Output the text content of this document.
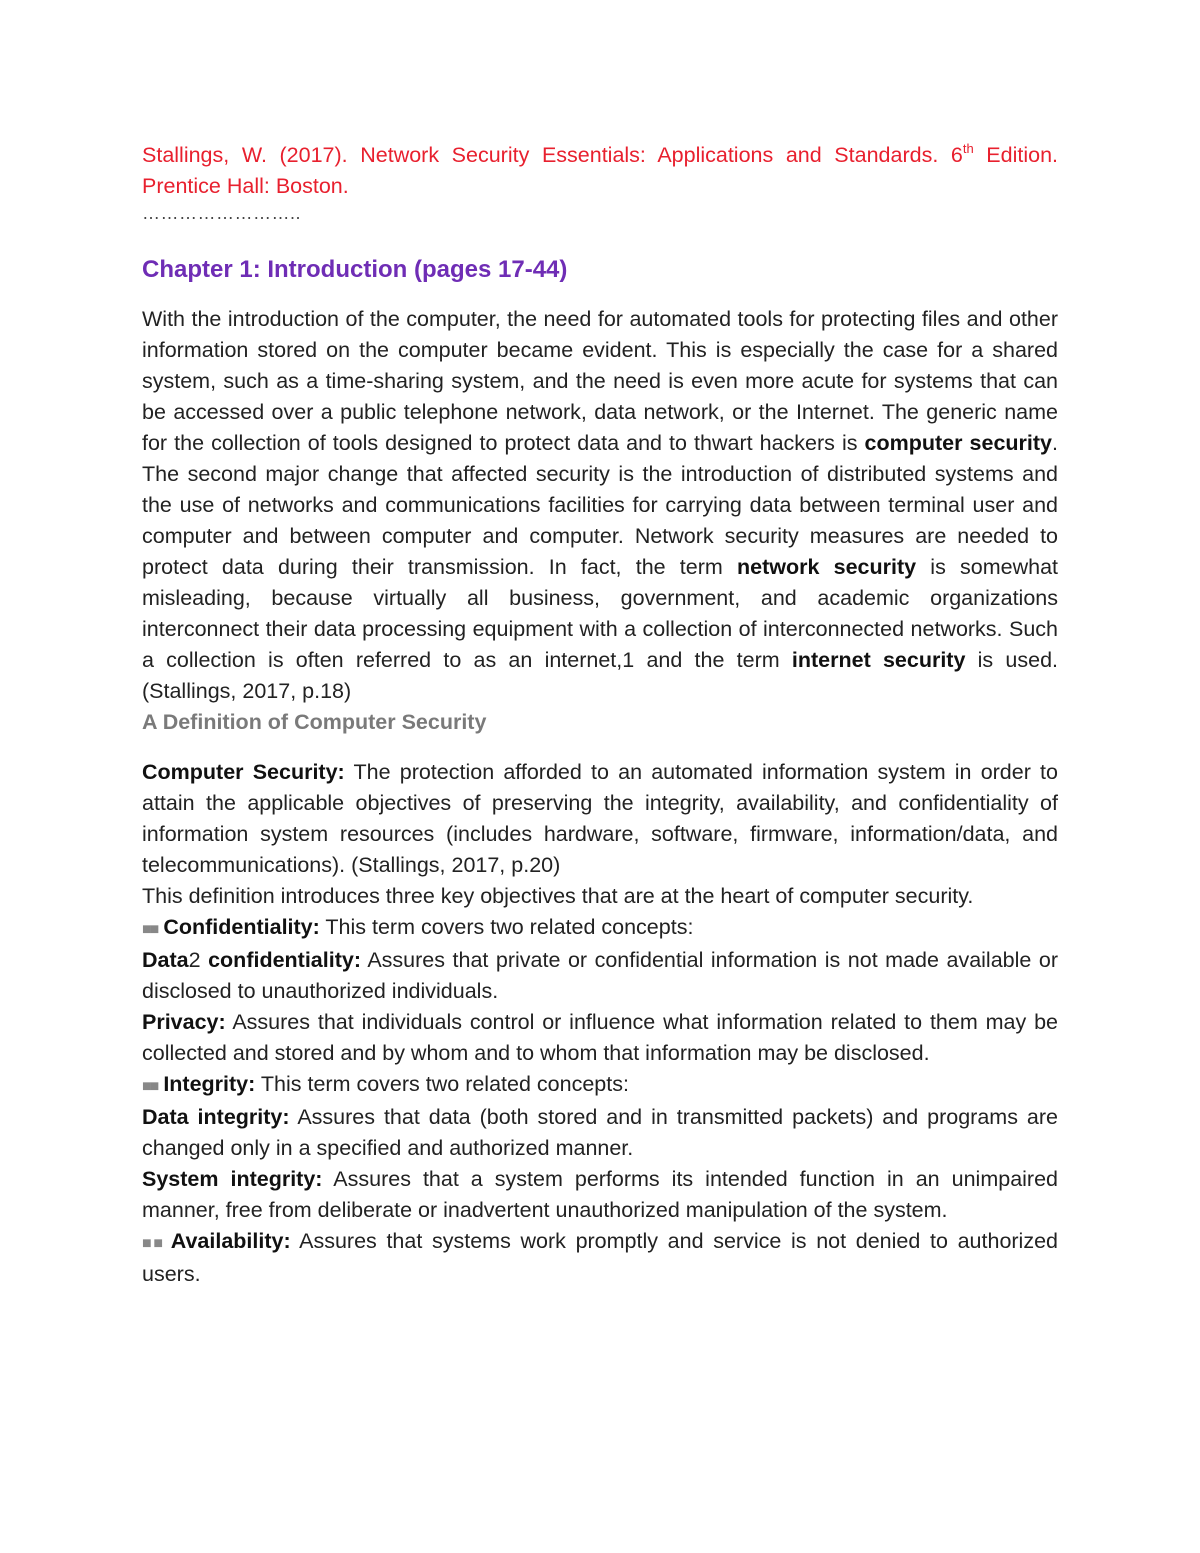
Stallings, W. (2017). Network Security Essentials: Applications and Standards. 6th Edition. Prentice Hall: Boston.

……………………..

Chapter 1: Introduction (pages 17-44)

With the introduction of the computer, the need for automated tools for protecting files and other information stored on the computer became evident. This is especially the case for a shared system, such as a time-sharing system, and the need is even more acute for systems that can be accessed over a public telephone network, data network, or the Internet. The generic name for the collection of tools designed to protect data and to thwart hackers is computer security. The second major change that affected security is the introduction of distributed systems and the use of networks and communications facilities for carrying data between terminal user and computer and between computer and computer. Network security measures are needed to protect data during their transmission. In fact, the term network security is somewhat misleading, because virtually all business, government, and academic organizations interconnect their data processing equipment with a collection of interconnected networks. Such a collection is often referred to as an internet,1 and the term internet security is used. (Stallings, 2017, p.18)

A Definition of Computer Security

Computer Security: The protection afforded to an automated information system in order to attain the applicable objectives of preserving the integrity, availability, and confidentiality of information system resources (includes hardware, software, firmware, information/data, and telecommunications). (Stallings, 2017, p.20)

This definition introduces three key objectives that are at the heart of computer security.

■■ Confidentiality: This term covers two related concepts:

Data2 confidentiality: Assures that private or confidential information is not made available or disclosed to unauthorized individuals.

Privacy: Assures that individuals control or influence what information related to them may be collected and stored and by whom and to whom that information may be disclosed.

■■ Integrity: This term covers two related concepts:

Data integrity: Assures that data (both stored and in transmitted packets) and programs are changed only in a specified and authorized manner.

System integrity: Assures that a system performs its intended function in an unimpaired manner, free from deliberate or inadvertent unauthorized manipulation of the system.

■■ Availability: Assures that systems work promptly and service is not denied to authorized users.
